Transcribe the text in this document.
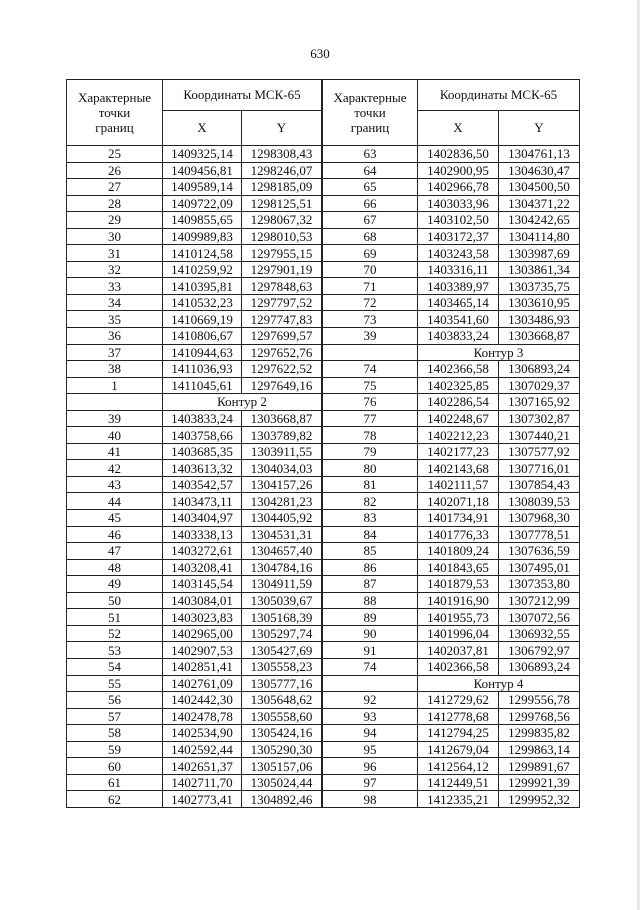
630
Характерные
точки
границ	Координаты МСК-65	
	X	Y
25	1409325,14	1298308,43
26	1409456,81	1298246,07
27	1409589,14	1298185,09
28	1409722,09	1298125,51
29	1409855,65	1298067,32
30	1409989,83	1298010,53
31	1410124,58	1297955,15
32	1410259,92	1297901,19
33	1410395,81	1297848,63
34	1410532,23	1297797,52
35	1410669,19	1297747,83
36	1410806,67	1297699,57
37	1410944,63	1297652,76
38	1411036,93	1297622,52
1	1411045,61	1297649,16
	Контур 2	
39	1403833,24	1303668,87
40	1403758,66	1303789,82
41	1403685,35	1303911,55
42	1403613,32	1304034,03
43	1403542,57	1304157,26
44	1403473,11	1304281,23
45	1403404,97	1304405,92
46	1403338,13	1304531,31
47	1403272,61	1304657,40
48	1403208,41	1304784,16
49	1403145,54	1304911,59
50	1403084,01	1305039,67
51	1403023,83	1305168,39
52	1402965,00	1305297,74
53	1402907,53	1305427,69
54	1402851,41	1305558,23
55	1402761,09	1305777,16
56	1402442,30	1305648,62
57	1402478,78	1305558,60
58	1402534,90	1305424,16
59	1402592,44	1305290,30
60	1402651,37	1305157,06
61	1402711,70	1305024,44
62	1402773,41	1304892,46
Характерные
точки
границ	Координаты МСК-65	
	X	Y
63	1402836,50	1304761,13
64	1402900,95	1304630,47
65	1402966,78	1304500,50
66	1403033,96	1304371,22
67	1403102,50	1304242,65
68	1403172,37	1304114,80
69	1403243,58	1303987,69
70	1403316,11	1303861,34
71	1403389,97	1303735,75
72	1403465,14	1303610,95
73	1403541,60	1303486,93
39	1403833,24	1303668,87
	Контур 3	
74	1402366,58	1306893,24
75	1402325,85	1307029,37
76	1402286,54	1307165,92
77	1402248,67	1307302,87
78	1402212,23	1307440,21
79	1402177,23	1307577,92
80	1402143,68	1307716,01
81	1402111,57	1307854,43
82	1402071,18	1308039,53
83	1401734,91	1307968,30
84	1401776,33	1307778,51
85	1401809,24	1307636,59
86	1401843,65	1307495,01
87	1401879,53	1307353,80
88	1401916,90	1307212,99
89	1401955,73	1307072,56
90	1401996,04	1306932,55
91	1402037,81	1306792,97
74	1402366,58	1306893,24
	Контур 4	
92	1412729,62	1299556,78
93	1412778,68	1299768,56
94	1412794,25	1299835,82
95	1412679,04	1299863,14
96	1412564,12	1299891,67
97	1412449,51	1299921,39
98	1412335,21	1299952,32
